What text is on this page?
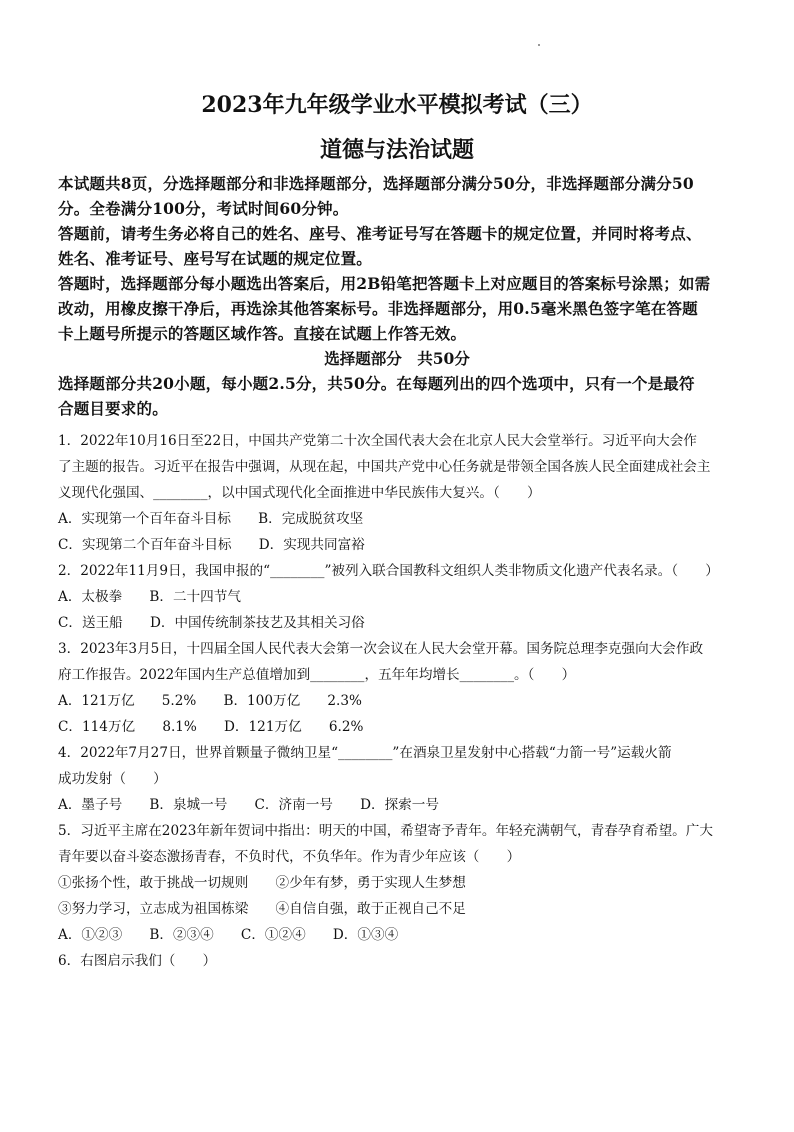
2023年九年级学业水平模拟考试（三）
道德与法治试题
本试题共8页，分选择题部分和非选择题部分，选择题部分满分50分，非选择题部分满分50
分。全卷满分100分，考试时间60分钟。
答题前，请考生务必将自己的姓名、座号、准考证号写在答题卡的规定位置，并同时将考点、
姓名、准考证号、座号写在试题的规定位置。
答题时，选择题部分每小题选出答案后，用2B铅笔把答题卡上对应题目的答案标号涂黑；如需
改动，用橡皮擦干净后，再选涂其他答案标号。非选择题部分，用0.5毫米黑色签字笔在答题
卡上题号所提示的答题区域作答。直接在试题上作答无效。
选择题部分　共50分
选择题部分共20小题，每小题2.5分，共50分。在每题列出的四个选项中，只有一个是最符
合题目要求的。
1．2022年10月16日至22日，中国共产党第二十次全国代表大会在北京人民大会堂举行。习近平向大会作
了主题的报告。习近平在报告中强调，从现在起，中国共产党中心任务就是带领全国各族人民全面建成社会主
义现代化强国、________，以中国式现代化全面推进中华民族伟大复兴。（　　）
A．实现第一个百年奋斗目标　　B．完成脱贫攻坚
C．实现第二个百年奋斗目标　　D．实现共同富裕
2．2022年11月9日，我国申报的“________”被列入联合国教科文组织人类非物质文化遗产代表名录。（　　）
A．太极拳　　B．二十四节气
C．送王船　　D．中国传统制茶技艺及其相关习俗
3．2023年3月5日，十四届全国人民代表大会第一次会议在人民大会堂开幕。国务院总理李克强向大会作政
府工作报告。2022年国内生产总值增加到________，五年年均增长________。（　　）
A．121万亿　　5.2%　　B．100万亿　　2.3%
C．114万亿　　8.1%　　D．121万亿　　6.2%
4．2022年7月27日，世界首颗量子微纳卫星“________”在酒泉卫星发射中心搭载“力箭一号”运载火箭
成功发射（　　）
A．墨子号　　B．泉城一号　　C．济南一号　　D．探索一号
5．习近平主席在2023年新年贺词中指出：明天的中国，希望寄予青年。年轻充满朝气，青春孕育希望。广大
青年要以奋斗姿态激扬青春，不负时代，不负华年。作为青少年应该（　　）
①张扬个性，敢于挑战一切规则　　②少年有梦，勇于实现人生梦想
③努力学习，立志成为祖国栋梁　　④自信自强，敢于正视自己不足
A．①②③　　B．②③④　　C．①②④　　D．①③④
6．右图启示我们（　　）
